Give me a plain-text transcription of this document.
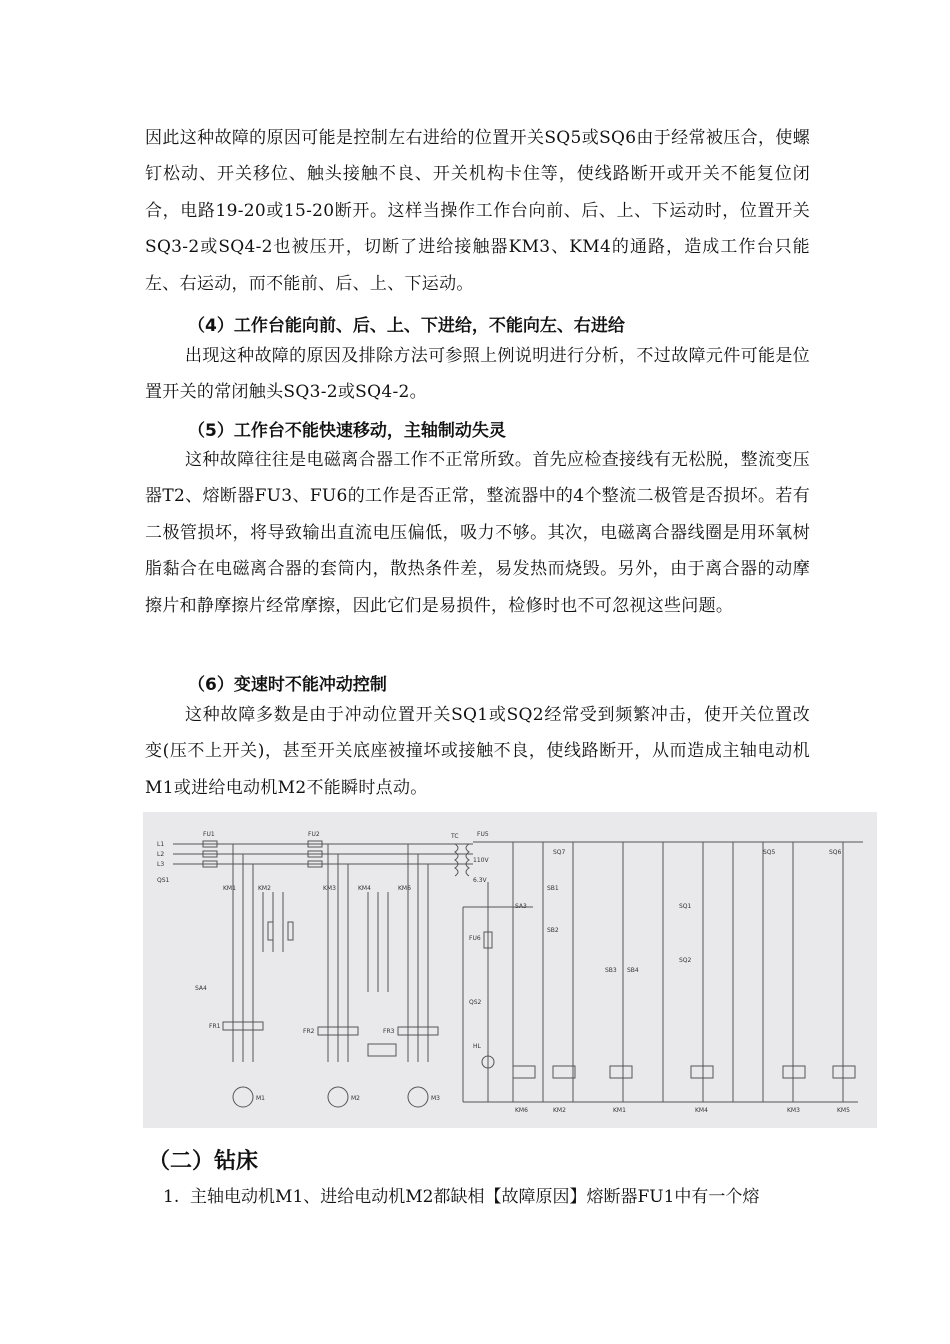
因此这种故障的原因可能是控制左右进给的位置开关SQ5或SQ6由于经常被压合，使螺钉松动、开关移位、触头接触不良、开关机构卡住等，使线路断开或开关不能复位闭合，电路19-20或15-20断开。这样当操作工作台向前、后、上、下运动时，位置开关SQ3-2或SQ4-2也被压开，切断了进给接触器KM3、KM4的通路，造成工作台只能左、右运动，而不能前、后、上、下运动。

（4）工作台能向前、后、上、下进给，不能向左、右进给

出现这种故障的原因及排除方法可参照上例说明进行分析，不过故障元件可能是位置开关的常闭触头SQ3-2或SQ4-2。

（5）工作台不能快速移动，主轴制动失灵

这种故障往往是电磁离合器工作不正常所致。首先应检查接线有无松脱，整流变压器T2、熔断器FU3、FU6的工作是否正常，整流器中的4个整流二极管是否损坏。若有二极管损坏，将导致输出直流电压偏低，吸力不够。其次，电磁离合器线圈是用环氧树脂黏合在电磁离合器的套筒内，散热条件差，易发热而烧毁。另外，由于离合器的动摩擦片和静摩擦片经常摩擦，因此它们是易损件，检修时也不可忽视这些问题。

（6）变速时不能冲动控制

这种故障多数是由于冲动位置开关SQ1或SQ2经常受到频繁冲击，使开关位置改变(压不上开关)，甚至开关底座被撞坏或接触不良，使线路断开，从而造成主轴电动机M1或进给电动机M2不能瞬时点动。

L1
L2
L3
QS1
FU1	FU2	TC	FU5
110V
6.3V
KM1	KM2	KM3	KM4	KM6
SA4
FR1
FR2	FR3
M1	M2	M3
SQ7
SB1
SB2
SB3 SB4
SA3
FU6
QS2
HL
SQ1
SQ2
SQ5	SQ6
KM6	KM2	KM1	KM4	KM3	KM5

（二）钻床

1. 主轴电动机M1、进给电动机M2都缺相【故障原因】熔断器FU1中有一个熔
